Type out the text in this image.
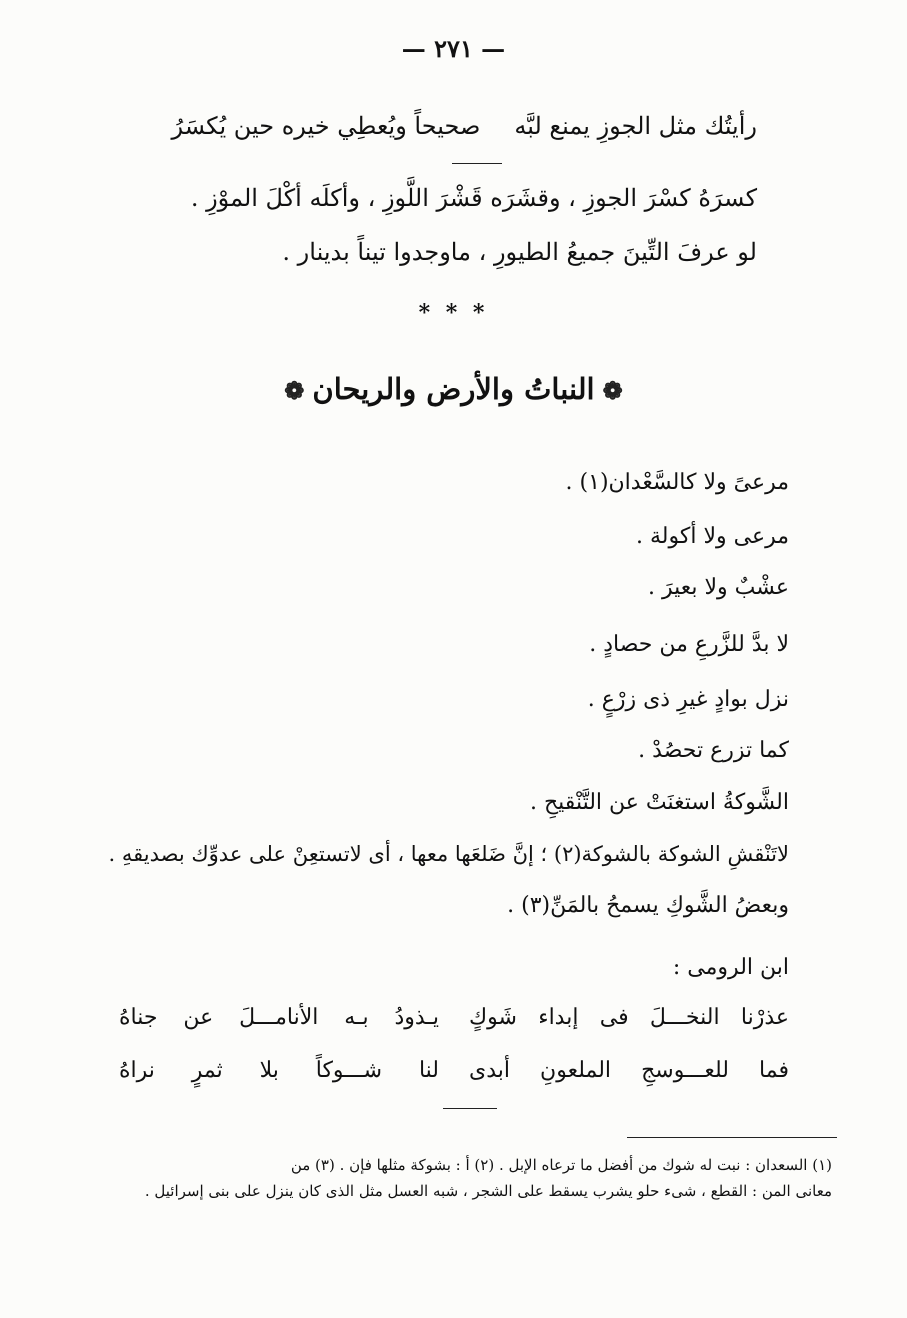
— ٢٧١ —
رأيتُك مثل الجوزِ يمنع لبَّهصحيحاً ويُعطِي خيره حين يُكسَرُ
كسرَهُ كسْرَ الجوزِ ، وقشَرَه قَشْرَ اللَّوزِ ، وأكلَه أكْلَ الموْزِ .
لو عرفَ التِّينَ جميعُ الطيورِ ، ماوجدوا تيناً بدينار .
* * *
❁النباتُ والأرض والريحان❁
مرعىً ولا كالسَّعْدان(١) .
مرعى ولا أكولة .
عشْبٌ ولا بعيرَ .
لا بدَّ للزَّرعِ من حصادٍ .
نزل بوادٍ غيرِ ذى زرْعٍ .
كما تزرع تحصُدْ .
الشَّوكةُ استغنَتْ عن التَّنْقيحِ .
لاتَنْقشِ الشوكة بالشوكة(٢) ؛ إنَّ ضَلعَها معها ، أى لاتستعِنْ على عدوِّك بصديقهِ .
وبعضُ الشَّوكِ يسمحُ بالمَنِّ(٣) .
ابن الرومى :
عذرْنا النخـــلَ فى إبداء شَوكٍيـذودُ بـه الأنامـــلَ عن جناهُ
فما للعـــوسجِ الملعونِ أبدىلنا شـــوكاً بلا ثمرٍ نراهُ
(١) السعدان : نبت له شوك من أفضل ما ترعاه الإبل . (٢) أ : بشوكة مثلها فإن . (٣) من
معانى المن : القطع ، شىء حلو يشرب يسقط على الشجر ، شبه العسل مثل الذى كان ينزل على بنى إسرائيل .
